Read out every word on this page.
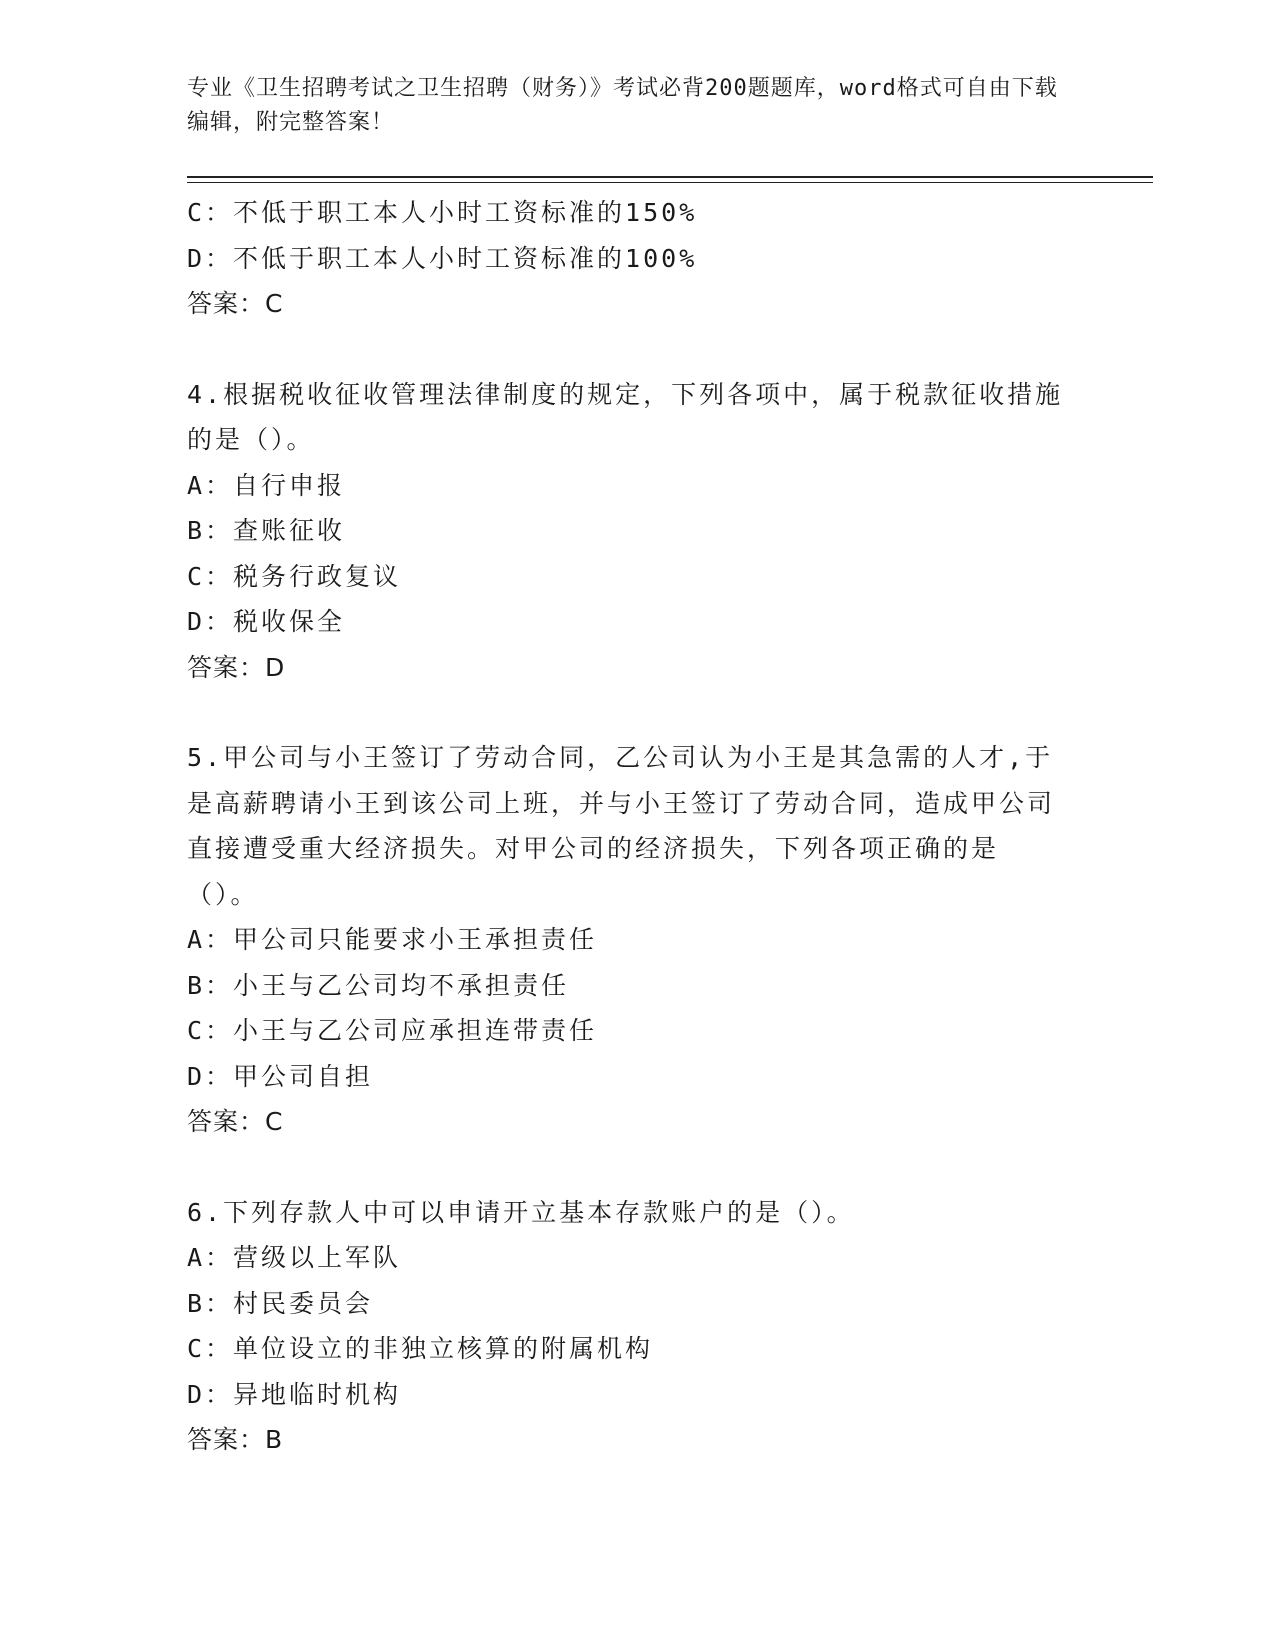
专业《卫生招聘考试之卫生招聘（财务）》考试必背200题题库，word格式可自由下载编辑，附完整答案！
C：不低于职工本人小时工资标准的150%
D：不低于职工本人小时工资标准的100%
答案：C
4.根据税收征收管理法律制度的规定，下列各项中，属于税款征收措施的是（）。
A：自行申报
B：查账征收
C：税务行政复议
D：税收保全
答案：D
5.甲公司与小王签订了劳动合同，乙公司认为小王是其急需的人才,于是高薪聘请小王到该公司上班，并与小王签订了劳动合同，造成甲公司直接遭受重大经济损失。对甲公司的经济损失，下列各项正确的是（）。
A：甲公司只能要求小王承担责任
B：小王与乙公司均不承担责任
C：小王与乙公司应承担连带责任
D：甲公司自担
答案：C
6.下列存款人中可以申请开立基本存款账户的是（）。
A：营级以上军队
B：村民委员会
C：单位设立的非独立核算的附属机构
D：异地临时机构
答案：B
